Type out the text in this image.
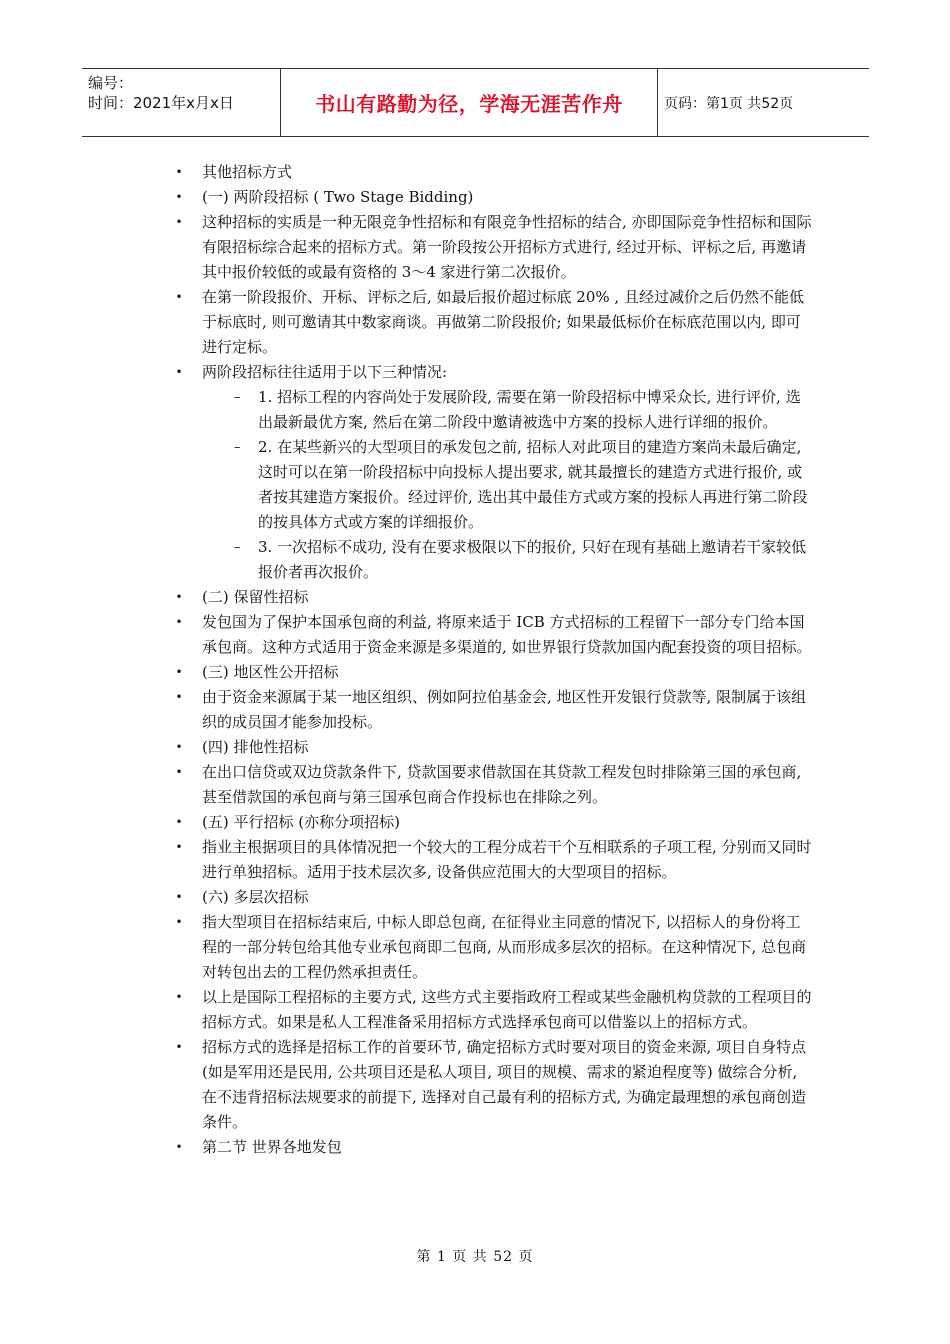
编号：
时间：2021年x月x日	书山有路勤为径，学海无涯苦作舟	页码：第1页 共52页
• 其他招标方式
• (一) 两阶段招标 ( Two Stage Bidding)
• 这种招标的实质是一种无限竞争性招标和有限竞争性招标的结合, 亦即国际竞争性招标和国际有限招标综合起来的招标方式。第一阶段按公开招标方式进行, 经过开标、评标之后, 再邀请其中报价较低的或最有资格的 3～4 家进行第二次报价。
• 在第一阶段报价、开标、评标之后, 如最后报价超过标底 20% , 且经过减价之后仍然不能低于标底时, 则可邀请其中数家商谈。再做第二阶段报价; 如果最低标价在标底范围以内, 即可进行定标。
• 两阶段招标往往适用于以下三种情况:
– 1. 招标工程的内容尚处于发展阶段, 需要在第一阶段招标中博采众长, 进行评价, 选出最新最优方案, 然后在第二阶段中邀请被选中方案的投标人进行详细的报价。
– 2. 在某些新兴的大型项目的承发包之前, 招标人对此项目的建造方案尚未最后确定, 这时可以在第一阶段招标中向投标人提出要求, 就其最擅长的建造方式进行报价, 或者按其建造方案报价。经过评价, 选出其中最佳方式或方案的投标人再进行第二阶段的按具体方式或方案的详细报价。
– 3. 一次招标不成功, 没有在要求极限以下的报价, 只好在现有基础上邀请若干家较低报价者再次报价。
• (二) 保留性招标
• 发包国为了保护本国承包商的利益, 将原来适于 ICB 方式招标的工程留下一部分专门给本国承包商。这种方式适用于资金来源是多渠道的, 如世界银行贷款加国内配套投资的项目招标。
• (三) 地区性公开招标
• 由于资金来源属于某一地区组织、例如阿拉伯基金会, 地区性开发银行贷款等, 限制属于该组织的成员国才能参加投标。
• (四) 排他性招标
• 在出口信贷或双边贷款条件下, 贷款国要求借款国在其贷款工程发包时排除第三国的承包商, 甚至借款国的承包商与第三国承包商合作投标也在排除之列。
• (五) 平行招标 (亦称分项招标)
• 指业主根据项目的具体情况把一个较大的工程分成若干个互相联系的子项工程, 分别而又同时进行单独招标。适用于技术层次多, 设备供应范围大的大型项目的招标。
• (六) 多层次招标
• 指大型项目在招标结束后, 中标人即总包商, 在征得业主同意的情况下, 以招标人的身份将工程的一部分转包给其他专业承包商即二包商, 从而形成多层次的招标。在这种情况下, 总包商对转包出去的工程仍然承担责任。
• 以上是国际工程招标的主要方式, 这些方式主要指政府工程或某些金融机构贷款的工程项目的招标方式。如果是私人工程准备采用招标方式选择承包商可以借鉴以上的招标方式。
• 招标方式的选择是招标工作的首要环节, 确定招标方式时要对项目的资金来源, 项目自身特点 (如是军用还是民用, 公共项目还是私人项目, 项目的规模、需求的紧迫程度等) 做综合分析, 在不违背招标法规要求的前提下, 选择对自己最有利的招标方式, 为确定最理想的承包商创造条件。
• 第二节 世界各地发包
第 1 页 共 52 页
